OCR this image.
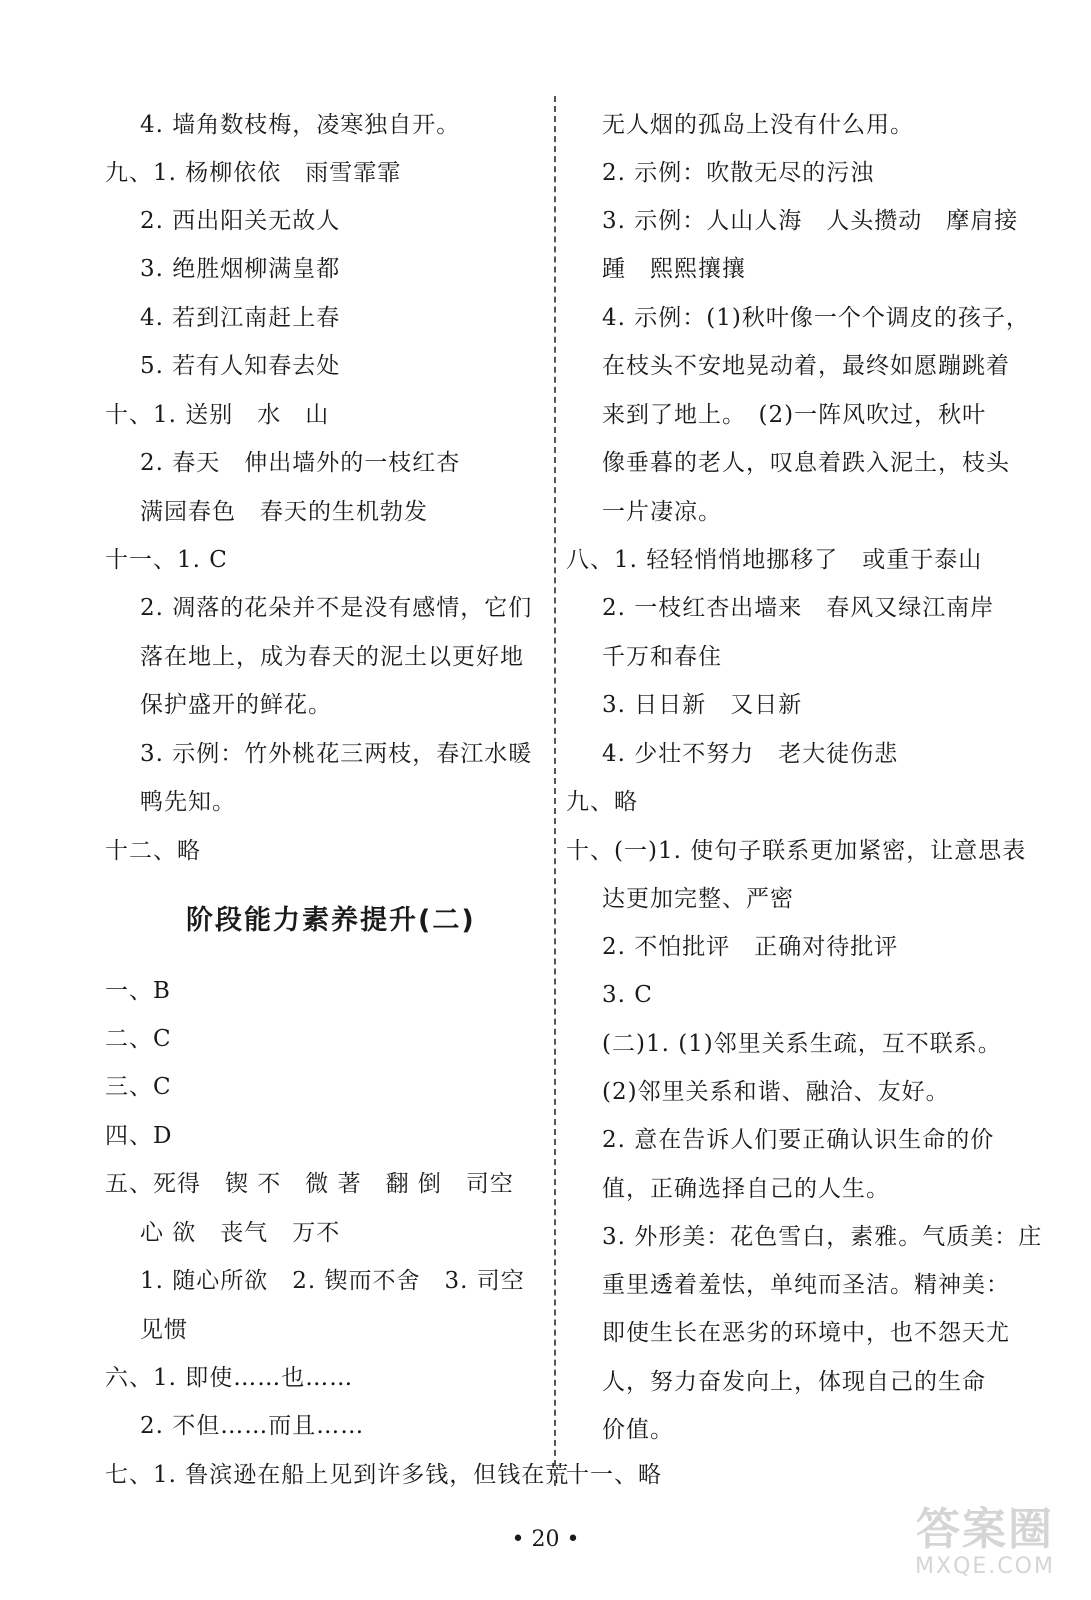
4. 墙角数枝梅，凌寒独自开。
九、1. 杨柳依依　雨雪霏霏
2. 西出阳关无故人
3. 绝胜烟柳满皇都
4. 若到江南赶上春
5. 若有人知春去处
十、1. 送别　水　山
2. 春天　伸出墙外的一枝红杏
满园春色　春天的生机勃发
十一、1. C
2. 凋落的花朵并不是没有感情，它们
落在地上，成为春天的泥土以更好地
保护盛开的鲜花。
3. 示例：竹外桃花三两枝，春江水暖
鸭先知。
十二、略
阶段能力素养提升(二)
一、B
二、C
三、C
四、D
五、死得　锲 不　微 著　翻 倒　司空
心 欲　丧气　万不
1. 随心所欲　2. 锲而不舍　3. 司空
见惯
六、1. 即使……也……
2. 不但……而且……
七、1. 鲁滨逊在船上见到许多钱，但钱在荒
无人烟的孤岛上没有什么用。
2. 示例：吹散无尽的污浊
3. 示例：人山人海　人头攒动　摩肩接
踵　熙熙攘攘
4. 示例：(1)秋叶像一个个调皮的孩子，
在枝头不安地晃动着，最终如愿蹦跳着
来到了地上。　(2)一阵风吹过，秋叶
像垂暮的老人，叹息着跌入泥土，枝头
一片凄凉。
八、1. 轻轻悄悄地挪移了　或重于泰山
2. 一枝红杏出墙来　春风又绿江南岸
千万和春住
3. 日日新　又日新
4. 少壮不努力　老大徒伤悲
九、略
十、(一)1. 使句子联系更加紧密，让意思表
达更加完整、严密
2. 不怕批评　正确对待批评
3. C
(二)1. (1)邻里关系生疏，互不联系。
(2)邻里关系和谐、融洽、友好。
2. 意在告诉人们要正确认识生命的价
值，正确选择自己的人生。
3. 外形美：花色雪白，素雅。气质美：庄
重里透着羞怯，单纯而圣洁。精神美：
即使生长在恶劣的环境中，也不怨天尤
人，努力奋发向上，体现自己的生命
价值。
十一、略
• 20 •	答案圈
MXQE.COM
